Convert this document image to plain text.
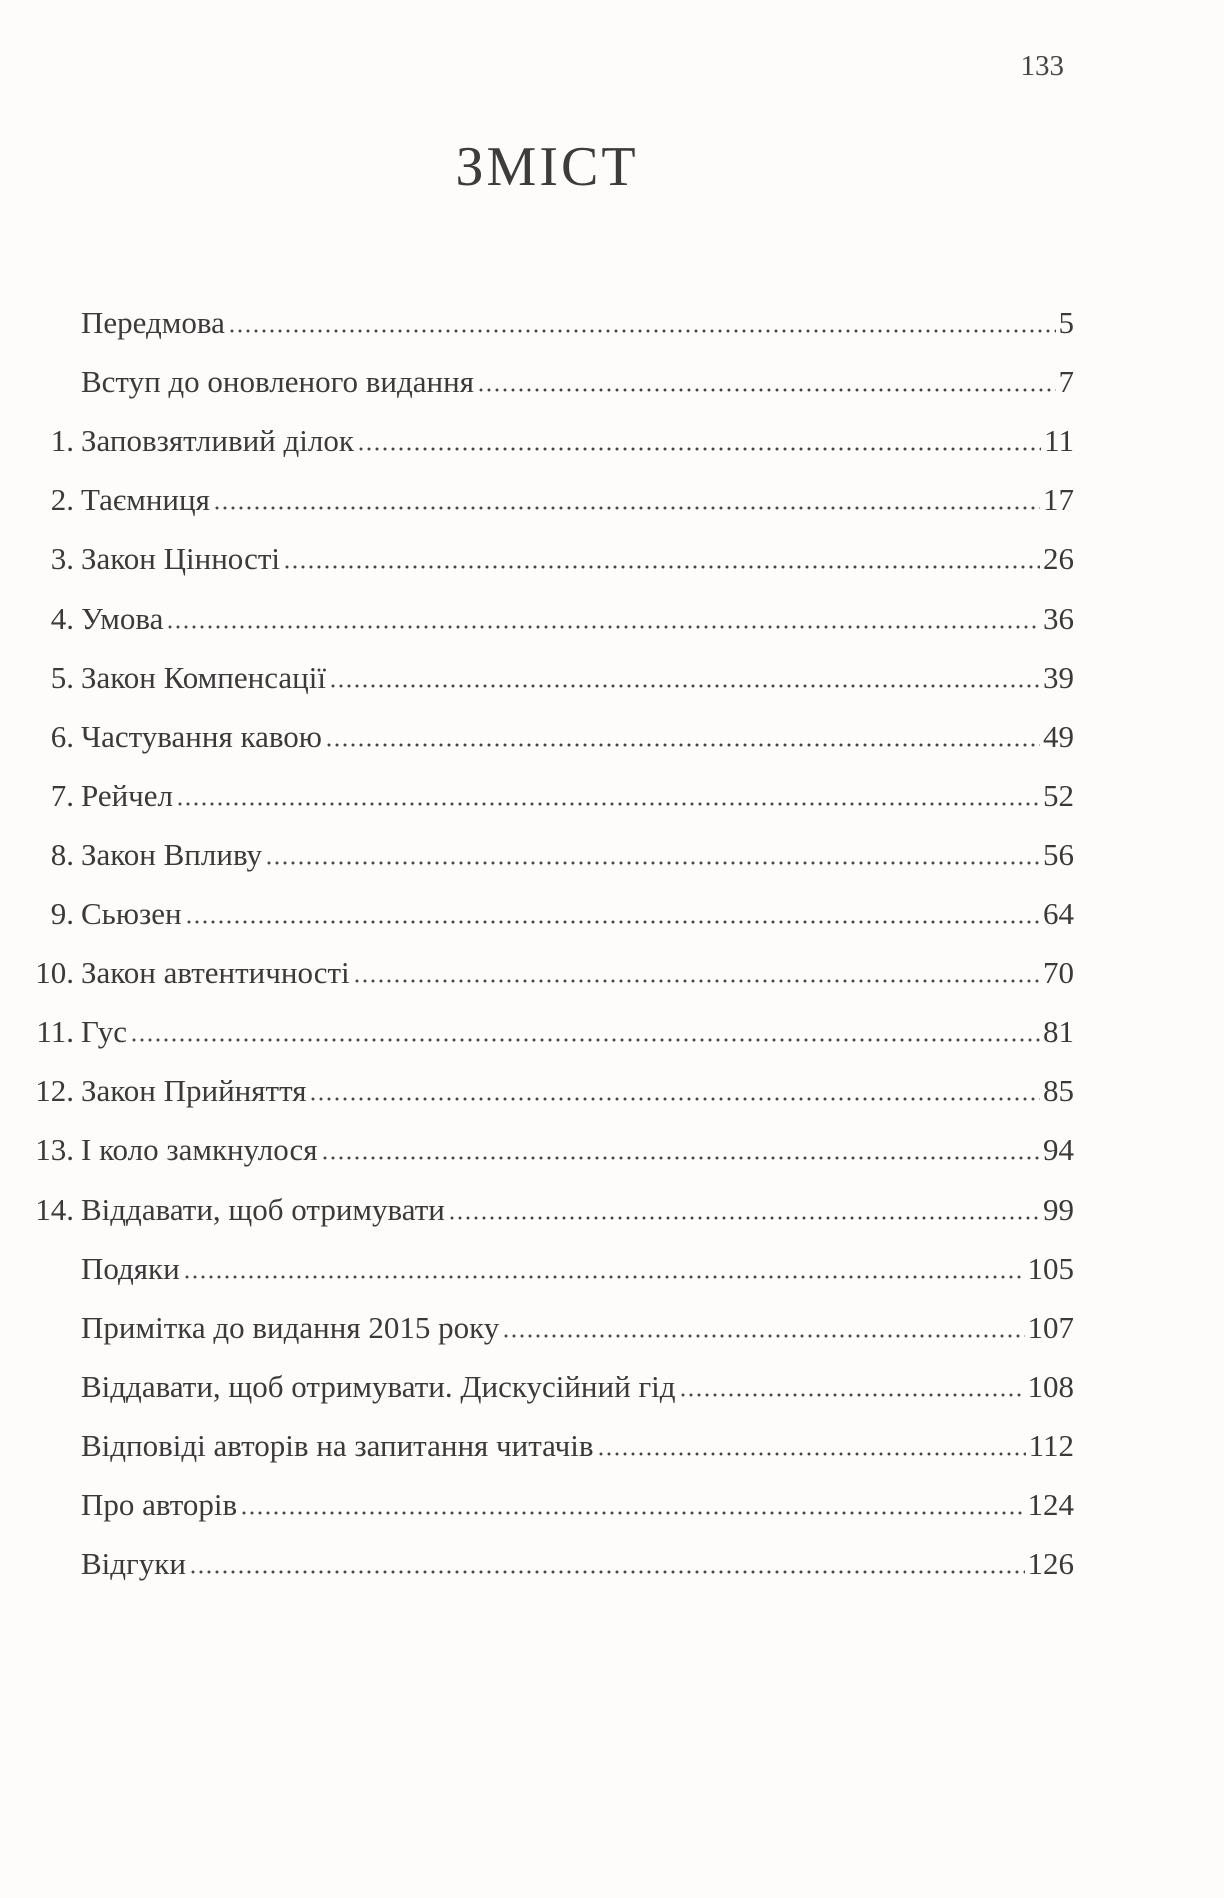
133
ЗМІСТ
Передмова	5
Вступ до оновленого видання	7
1. Заповзятливий ділок	11
2. Таємниця	17
3. Закон Цінності	26
4. Умова	36
5. Закон Компенсації	39
6. Частування кавою	49
7. Рейчел	52
8. Закон Впливу	56
9. Сьюзен	64
10. Закон автентичності	70
11. Гус	81
12. Закон Прийняття	85
13. І коло замкнулося	94
14. Віддавати, щоб отримувати	99
Подяки	105
Примітка до видання 2015 року	107
Віддавати, щоб отримувати. Дискусійний гід	108
Відповіді авторів на запитання читачів	112
Про авторів	124
Відгуки	126
